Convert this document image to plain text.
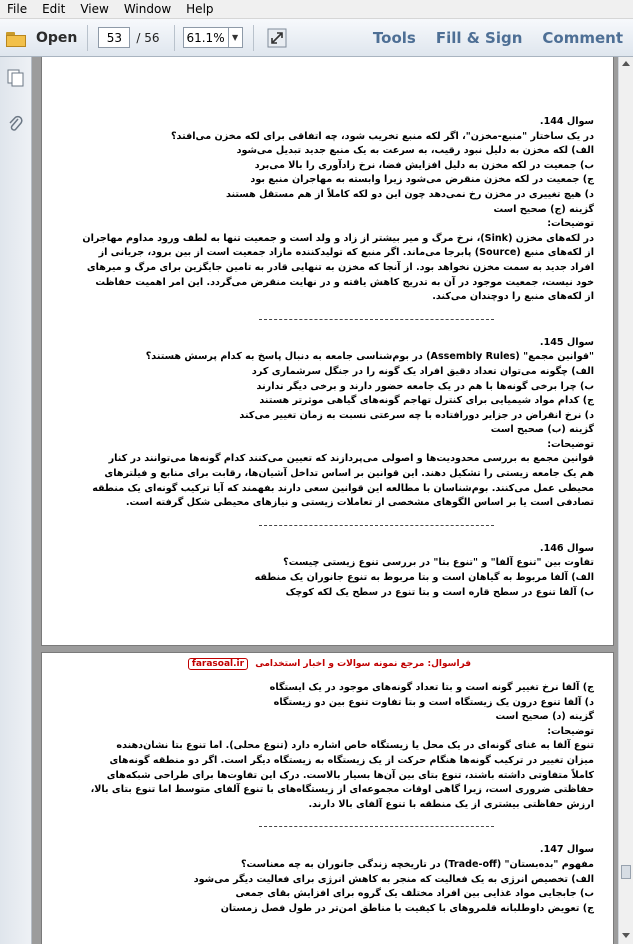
File	Edit	View	Window	Help
Open	53	/ 56 61.1% ▼	Tools	Fill & Sign	Comment

سوال 144.

در یک ساختار "منبع-مخزن"، اگر لکه منبع تخریب شود، چه اتفاقی برای لکه مخزن می‌افتد؟

الف) لکه مخزن به دلیل نبود رقیب، به سرعت به یک منبع جدید تبدیل می‌شود

ب) جمعیت در لکه مخزن به دلیل افزایش فضا، نرخ زادآوری را بالا می‌برد

ج) جمعیت در لکه مخزن منقرض می‌شود زیرا وابسته به مهاجران منبع بود

د) هیچ تغییری در مخزن رخ نمی‌دهد چون این دو لکه کاملاً از هم مستقل هستند

گزینه (ج) صحیح است

توضیحات:

در لکه‌های مخزن (Sink)، نرخ مرگ و میر بیشتر از زاد و ولد است و جمعیت تنها به لطف ورود مداوم مهاجران

از لکه‌های منبع (Source) پابرجا می‌ماند. اگر منبع که تولیدکننده مازاد جمعیت است از بین برود، جریانی از

افراد جدید به سمت مخزن نخواهد بود. از آنجا که مخزن به تنهایی قادر به تامین جایگزین برای مرگ و میرهای

خود نیست، جمعیت موجود در آن به تدریج کاهش یافته و در نهایت منقرض می‌گردد. این امر اهمیت حفاظت

از لکه‌های منبع را دوچندان می‌کند.

سوال 145.

"قوانین مجمع" (Assembly Rules) در بوم‌شناسی جامعه به دنبال پاسخ به کدام پرسش هستند؟

الف) چگونه می‌توان تعداد دقیق افراد یک گونه را در جنگل سرشماری کرد

ب) چرا برخی گونه‌ها با هم در یک جامعه حضور دارند و برخی دیگر ندارند

ج) کدام مواد شیمیایی برای کنترل تهاجم گونه‌های گیاهی موثرتر هستند

د) نرخ انقراض در جزایر دورافتاده با چه سرعتی نسبت به زمان تغییر می‌کند

گزینه (ب) صحیح است

توضیحات:

قوانین مجمع به بررسی محدودیت‌ها و اصولی می‌پردازند که تعیین می‌کنند کدام گونه‌ها می‌توانند در کنار

هم یک جامعه زیستی را تشکیل دهند. این قوانین بر اساس تداخل آشیان‌ها، رقابت برای منابع و فیلترهای

محیطی عمل می‌کنند. بوم‌شناسان با مطالعه این قوانین سعی دارند بفهمند که آیا ترکیب گونه‌ای یک منطقه

تصادفی است یا بر اساس الگوهای مشخصی از تعاملات زیستی و نیازهای محیطی شکل گرفته است.

سوال 146.

تفاوت بین "تنوع آلفا" و "تنوع بتا" در بررسی تنوع زیستی چیست؟

الف) آلفا مربوط به گیاهان است و بتا مربوط به تنوع جانوران یک منطقه

ب) آلفا تنوع در سطح قاره است و بتا تنوع در سطح یک لکه کوچک

فراسوال: مرجع نمونه سوالات و اخبار استخدامی farasoal.ir

ج) آلفا نرخ تغییر گونه است و بتا تعداد گونه‌های موجود در یک ایستگاه

د) آلفا تنوع درون یک زیستگاه است و بتا تفاوت تنوع بین دو زیستگاه

گزینه (د) صحیح است

توضیحات:

تنوع آلفا به غنای گونه‌ای در یک محل یا زیستگاه خاص اشاره دارد (تنوع محلی). اما تنوع بتا نشان‌دهنده

میزان تغییر در ترکیب گونه‌ها هنگام حرکت از یک زیستگاه به زیستگاه دیگر است. اگر دو منطقه گونه‌های

کاملاً متفاوتی داشته باشند، تنوع بتای بین آن‌ها بسیار بالاست. درک این تفاوت‌ها برای طراحی شبکه‌های

حفاظتی ضروری است، زیرا گاهی اوقات مجموعه‌ای از زیستگاه‌های با تنوع آلفای متوسط اما تنوع بتای بالا،

ارزش حفاظتی بیشتری از یک منطقه با تنوع آلفای بالا دارند.

سوال 147.

مفهوم "بده‌بستان" (Trade-off) در تاریخچه زندگی جانوران به چه معناست؟

الف) تخصیص انرژی به یک فعالیت که منجر به کاهش انرژی برای فعالیت دیگر می‌شود

ب) جابجایی مواد غذایی بین افراد مختلف یک گروه برای افزایش بقای جمعی

ج) تعویض داوطلبانه قلمروهای با کیفیت با مناطق امن‌تر در طول فصل زمستان
